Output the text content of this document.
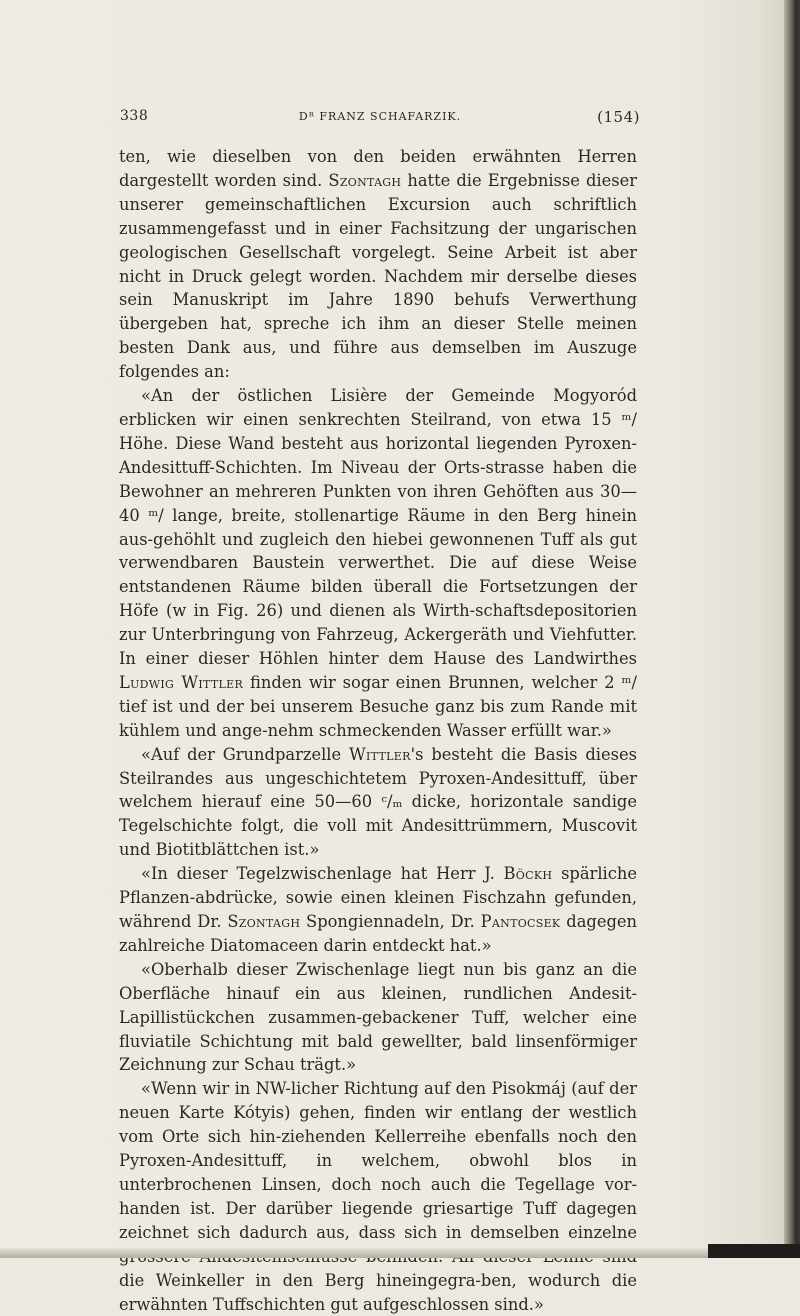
338	Dᴿ FRANZ SCHAFARZIK.	(154)

ten, wie dieselben von den beiden erwähnten Herren dargestellt worden sind. Szontagh hatte die Ergebnisse dieser unserer gemeinschaftlichen Excursion auch schriftlich zusammengefasst und in einer Fachsitzung der ungarischen geologischen Gesellschaft vorgelegt. Seine Arbeit ist aber nicht in Druck gelegt worden. Nachdem mir derselbe dieses sein Manuskript im Jahre 1890 behufs Verwerthung übergeben hat, spreche ich ihm an dieser Stelle meinen besten Dank aus, und führe aus demselben im Auszuge folgendes an:

«An der östlichen Lisière der Gemeinde Mogyoród erblicken wir einen senkrechten Steilrand, von etwa 15 ᵐ/ Höhe. Diese Wand besteht aus horizontal liegenden Pyroxen-Andesittuff-Schichten. Im Niveau der Orts-strasse haben die Bewohner an mehreren Punkten von ihren Gehöften aus 30—40 ᵐ/ lange, breite, stollenartige Räume in den Berg hinein aus-gehöhlt und zugleich den hiebei gewonnenen Tuff als gut verwendbaren Baustein verwerthet. Die auf diese Weise entstandenen Räume bilden überall die Fortsetzungen der Höfe (w in Fig. 26) und dienen als Wirth-schaftsdepositorien zur Unterbringung von Fahrzeug, Ackergeräth und Viehfutter. In einer dieser Höhlen hinter dem Hause des Landwirthes Ludwig Wittler finden wir sogar einen Brunnen, welcher 2 ᵐ/ tief ist und der bei unserem Besuche ganz bis zum Rande mit kühlem und ange-nehm schmeckenden Wasser erfüllt war.»

«Auf der Grundparzelle Wittler's besteht die Basis dieses Steilrandes aus ungeschichtetem Pyroxen-Andesittuff, über welchem hierauf eine 50—60 ᶜ/ₘ dicke, horizontale sandige Tegelschichte folgt, die voll mit Andesittrümmern, Muscovit und Biotitblättchen ist.»

«In dieser Tegelzwischenlage hat Herr J. Böckh spärliche Pflanzen-abdrücke, sowie einen kleinen Fischzahn gefunden, während Dr. Szontagh Spongiennadeln, Dr. Pantocsek dagegen zahlreiche Diatomaceen darin entdeckt hat.»

«Oberhalb dieser Zwischenlage liegt nun bis ganz an die Oberfläche hinauf ein aus kleinen, rundlichen Andesit-Lapillistückchen zusammen-gebackener Tuff, welcher eine fluviatile Schichtung mit bald gewellter, bald linsenförmiger Zeichnung zur Schau trägt.»

«Wenn wir in NW-licher Richtung auf den Pisokmáj (auf der neuen Karte Kótyis) gehen, finden wir entlang der westlich vom Orte sich hin-ziehenden Kellerreihe ebenfalls noch den Pyroxen-Andesittuff, in welchem, obwohl blos in unterbrochenen Linsen, doch noch auch die Tegellage vor-handen ist. Der darüber liegende griesartige Tuff dagegen zeichnet sich dadurch aus, dass sich in demselben einzelne die Weinkeller in den Berg hineingegra-ben, wodurch die erwähnten Tuffschichten gut aufgeschlossen sind.»
